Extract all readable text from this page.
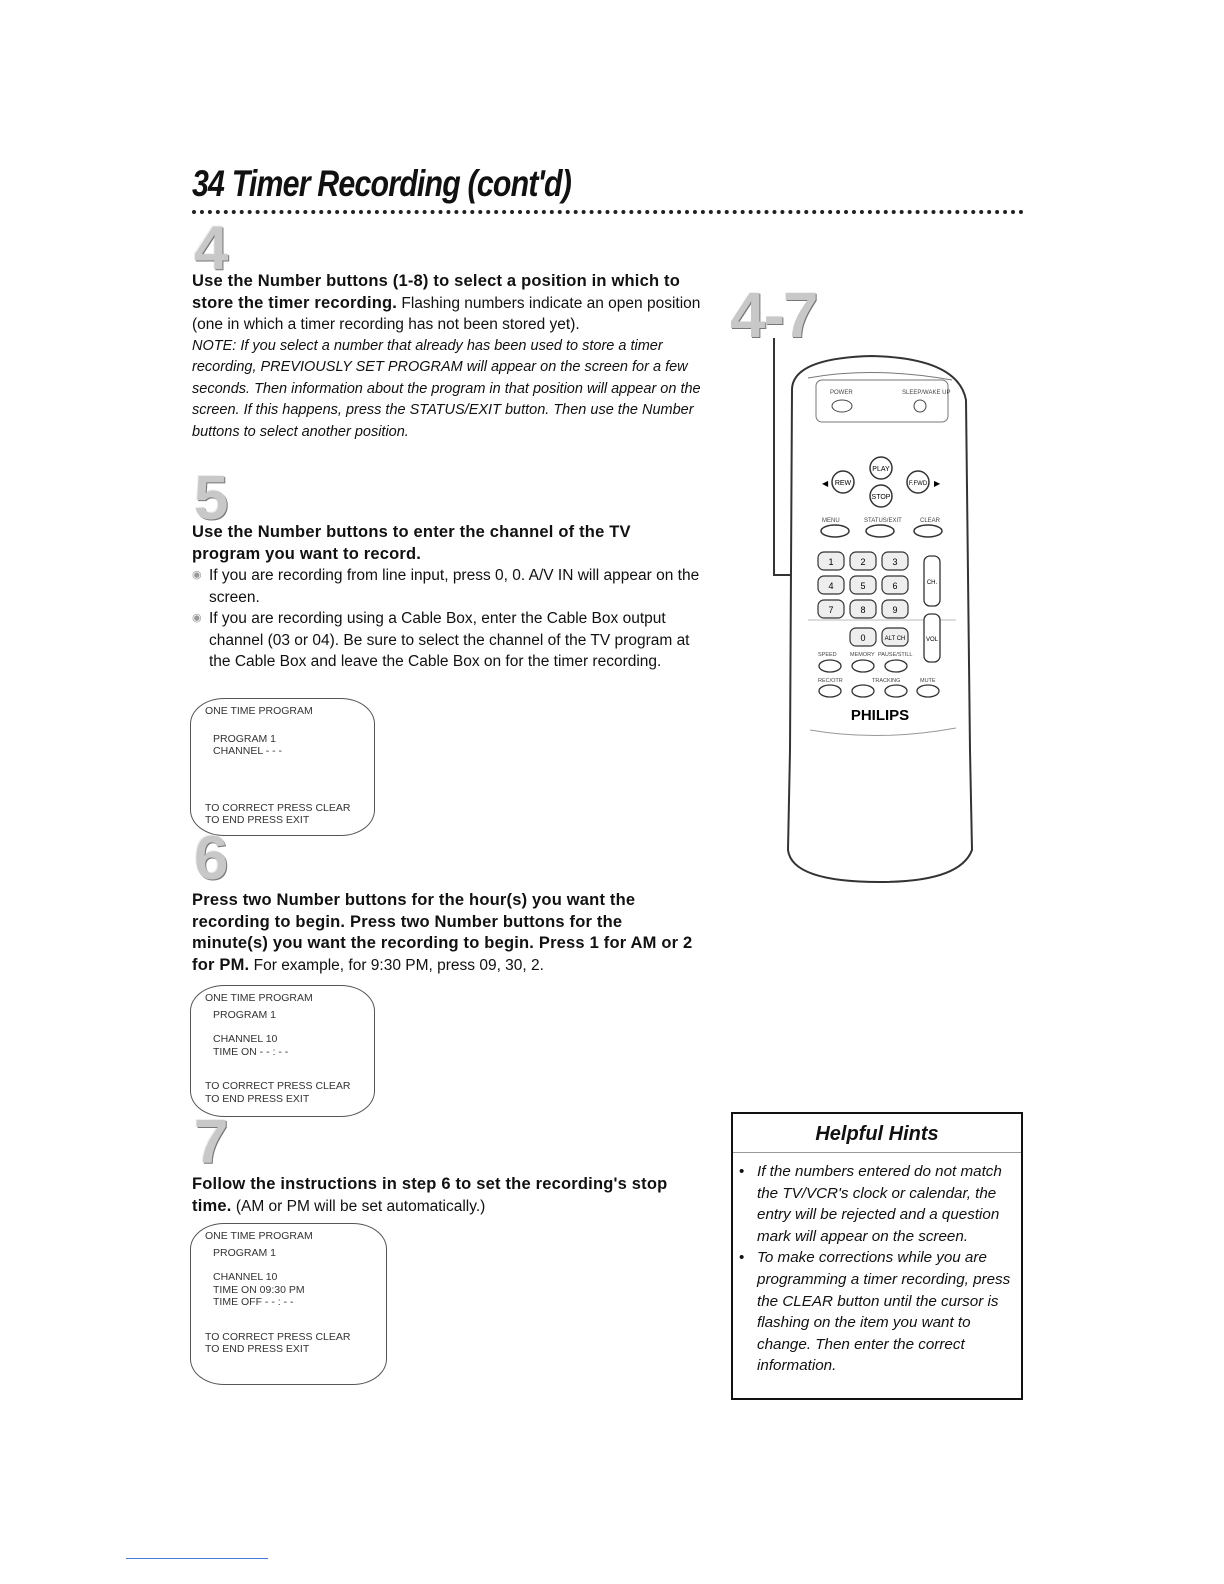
34 Timer Recording (cont'd)
4
Use the Number buttons (1-8) to select a position in which to store the timer recording. Flashing numbers indicate an open position (one in which a timer recording has not been stored yet).
NOTE: If you select a number that already has been used to store a timer recording, PREVIOUSLY SET PROGRAM will appear on the screen for a few seconds. Then information about the program in that position will appear on the screen. If this happens, press the STATUS/EXIT button. Then use the Number buttons to select another position.
5
Use the Number buttons to enter the channel of the TV program you want to record.
◉ If you are recording from line input, press 0, 0. A/V IN will appear on the screen.
◉ If you are recording using a Cable Box, enter the Cable Box output channel (03 or 04). Be sure to select the channel of the TV program at the Cable Box and leave the Cable Box on for the timer recording.
ONE TIME PROGRAM
PROGRAM 1
CHANNEL - - -
TO CORRECT PRESS CLEAR
TO END PRESS EXIT
6
Press two Number buttons for the hour(s) you want the recording to begin. Press two Number buttons for the minute(s) you want the recording to begin. Press 1 for AM or 2 for PM. For example, for 9:30 PM, press 09, 30, 2.
ONE TIME PROGRAM
PROGRAM 1
CHANNEL 10
TIME ON - - : - -
TO CORRECT PRESS CLEAR
TO END PRESS EXIT
7
Follow the instructions in step 6 to set the recording's stop time. (AM or PM will be set automatically.)
ONE TIME PROGRAM
PROGRAM 1
CHANNEL 10
TIME ON 09:30 PM
TIME OFF - - : - -
TO CORRECT PRESS CLEAR
TO END PRESS EXIT
4-7
POWER	SLEEP/WAKE UP
PLAY
REW	F.FWD
STOP
◀	▶
MENU	STATUS/EXIT	CLEAR
1	2	3
4	5	6
7	8	9
0	ALT CH
CH.
VOL
SPEED MEMORY PAUSE/STILL
REC/OTR	TRACKING	MUTE
PHILIPS
Helpful Hints
• If the numbers entered do not match the TV/VCR's clock or calendar, the entry will be rejected and a question mark will appear on the screen.
• To make corrections while you are programming a timer recording, press the CLEAR button until the cursor is flashing on the item you want to change. Then enter the correct information.
